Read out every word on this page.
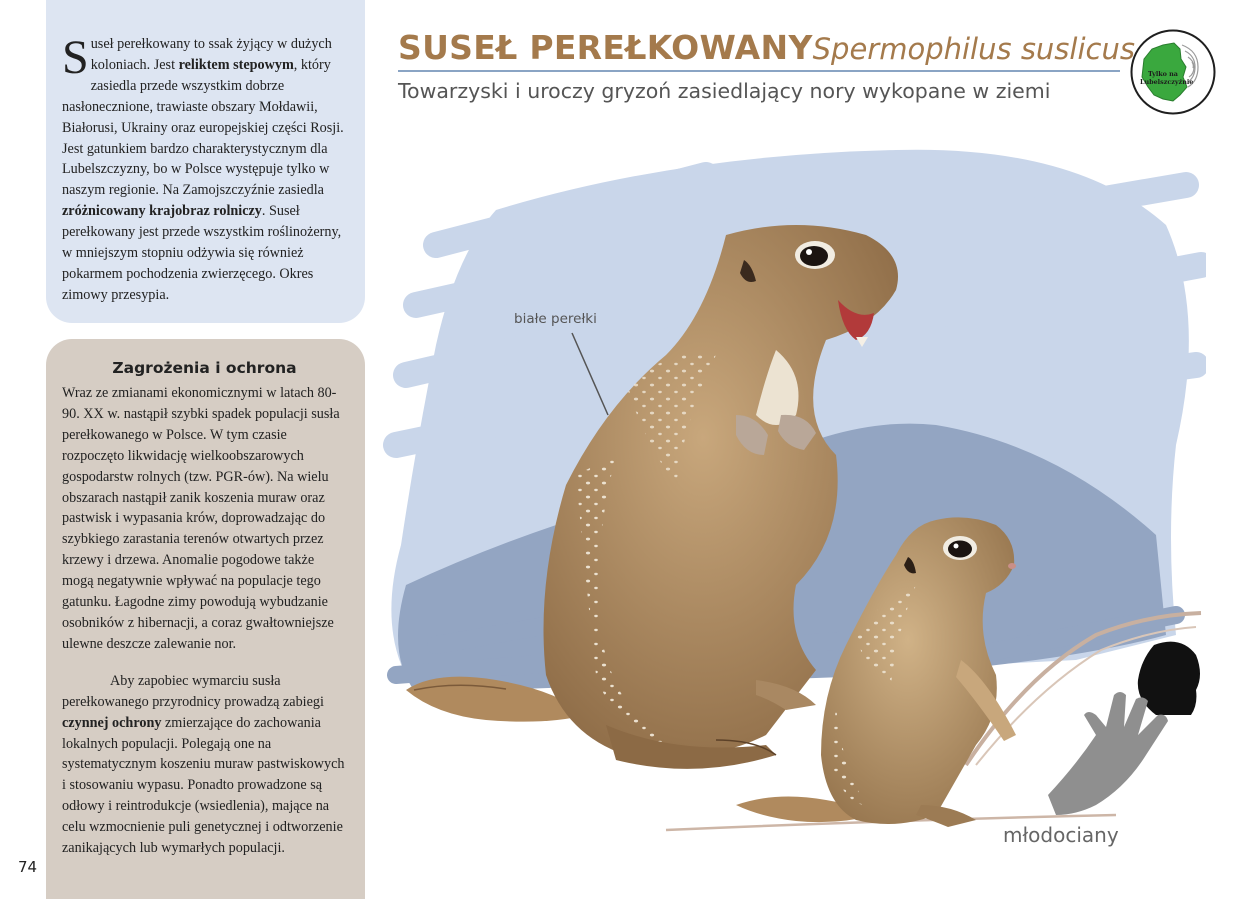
Suseł perełkowany to ssak żyjący w dużych koloniach. Jest reliktem stepowym, który zasiedla przede wszystkim dobrze nasłonecznione, trawiaste obszary Mołdawii, Białorusi, Ukrainy oraz europejskiej części Rosji. Jest gatunkiem bardzo charakterystycznym dla Lubelszczyzny, bo w Polsce występuje tylko w naszym regionie. Na Zamojszczyźnie zasiedla zróżnicowany krajobraz rolniczy. Suseł perełkowany jest przede wszystkim roślinożerny, w mniejszym stopniu odżywia się również pokarmem pochodzenia zwierzęcego. Okres zimowy przesypia.

Zagrożenia i ochrona

Wraz ze zmianami ekonomicznymi w latach 80-90. XX w. nastąpił szybki spadek populacji susła perełkowanego w Polsce. W tym czasie rozpoczęto likwidację wielkoobszarowych gospodarstw rolnych (tzw. PGR-ów). Na wielu obszarach nastąpił zanik koszenia muraw oraz pastwisk i wypasania krów, doprowadzając do szybkiego zarastania terenów otwartych przez krzewy i drzewa. Anomalie pogodowe także mogą negatywnie wpływać na populacje tego gatunku. Łagodne zimy powodują wybudzanie osobników z hibernacji, a coraz gwałtowniejsze ulewne deszcze zalewanie nor.

Aby zapobiec wymarciu susła perełkowanego przyrodnicy prowadzą zabiegi czynnej ochrony zmierzające do zachowania lokalnych populacji. Polegają one na systematycznym koszeniu muraw pastwiskowych i stosowaniu wypasu. Ponadto prowadzone są odłowy i reintrodukcje (wsiedlenia), mające na celu wzmocnienie puli genetycznej i odtworzenie zanikających lub wymarłych populacji.

74
SUSEŁ PEREŁKOWANYSpermophilus suslicus
Towarzyski i uroczy gryzoń zasiedlający nory wykopane w ziemi
Tylko na
Lubelszczyźnie
białe perełki
młodociany
